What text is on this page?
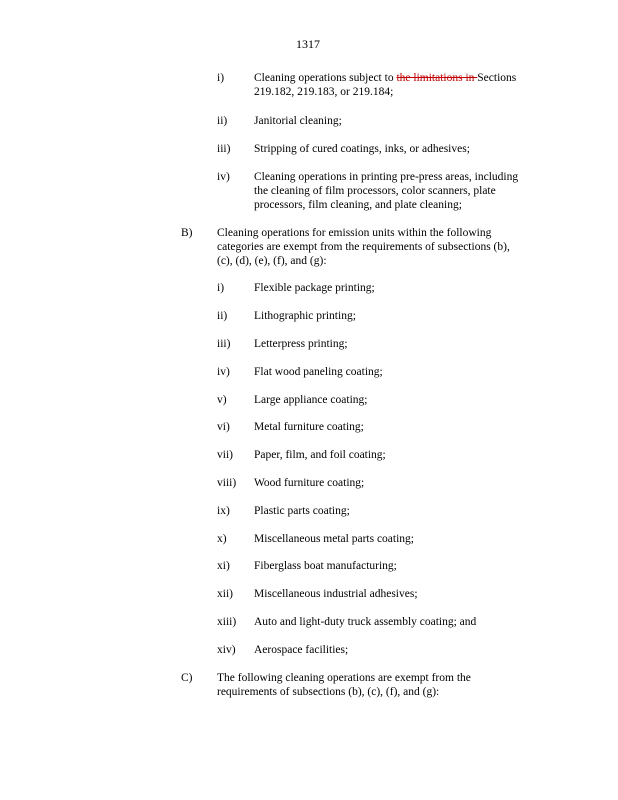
1317
i)	Cleaning operations subject to the limitations in Sections
219.182, 219.183, or 219.184;
ii) Janitorial cleaning;
iii) Stripping of cured coatings, inks, or adhesives;
iv) Cleaning operations in printing pre-press areas, including
the cleaning of film processors, color scanners, plate
processors, film cleaning, and plate cleaning;
B) Cleaning operations for emission units within the following
categories are exempt from the requirements of subsections (b),
(c), (d), (e), (f), and (g):
i)	Flexible package printing;
ii) Lithographic printing;
iii) Letterpress printing;
iv) Flat wood paneling coating;
v) Large appliance coating;
vi) Metal furniture coating;
vii) Paper, film, and foil coating;
viii) Wood furniture coating;
ix) Plastic parts coating;
x) Miscellaneous metal parts coating;
xi) Fiberglass boat manufacturing;
xii) Miscellaneous industrial adhesives;
xiii) Auto and light-duty truck assembly coating; and
xiv) Aerospace facilities;
C) The following cleaning operations are exempt from the
requirements of subsections (b), (c), (f), and (g):
